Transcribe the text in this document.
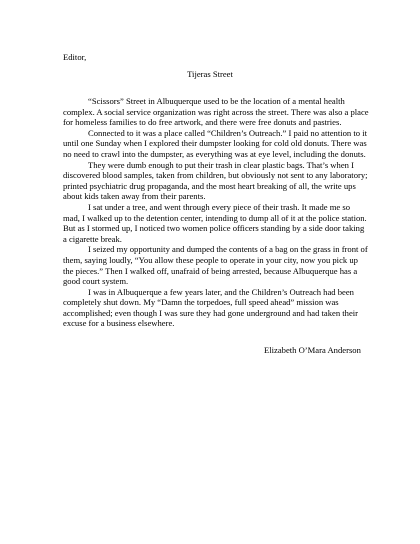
Editor,
Tijeras Street

“Scissors” Street in Albuquerque used to be the location of a mental health complex. A social service organization was right across the street. There was also a place for homeless families to do free artwork, and there were free donuts and pastries.

Connected to it was a place called “Children’s Outreach.” I paid no attention to it until one Sunday when I explored their dumpster looking for cold old donuts. There was no need to crawl into the dumpster, as everything was at eye level, including the donuts.

They were dumb enough to put their trash in clear plastic bags. That’s when I discovered blood samples, taken from children, but obviously not sent to any laboratory; printed psychiatric drug propaganda, and the most heart breaking of all, the write ups about kids taken away from their parents.

I sat under a tree, and went through every piece of their trash. It made me so mad, I walked up to the detention center, intending to dump all of it at the police station. But as I stormed up, I noticed two women police officers standing by a side door taking a cigarette break.

I seized my opportunity and dumped the contents of a bag on the grass in front of them, saying loudly, “You allow these people to operate in your city, now you pick up the pieces.” Then I walked off, unafraid of being arrested, because Albuquerque has a good court system.

I was in Albuquerque a few years later, and the Children’s Outreach had been completely shut down. My “Damn the torpedoes, full speed ahead” mission was accomplished; even though I was sure they had gone underground and had taken their excuse for a business elsewhere.

Elizabeth O’Mara Anderson
